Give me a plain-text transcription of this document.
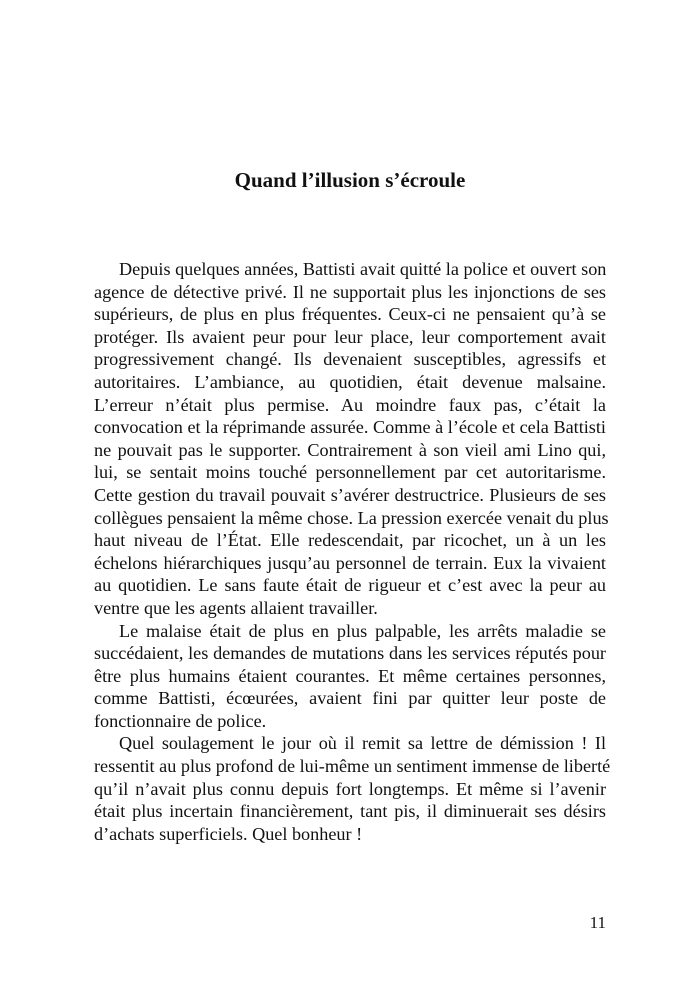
Quand l’illusion s’écroule
Depuis quelques années, Battisti avait quitté la police et ouvert son
agence de détective privé. Il ne supportait plus les injonctions de ses
supérieurs, de plus en plus fréquentes. Ceux-ci ne pensaient qu’à se
protéger. Ils avaient peur pour leur place, leur comportement avait
progressivement changé. Ils devenaient susceptibles, agressifs et
autoritaires. L’ambiance, au quotidien, était devenue malsaine.
L’erreur n’était plus permise. Au moindre faux pas, c’était la
convocation et la réprimande assurée. Comme à l’école et cela Battisti
ne pouvait pas le supporter. Contrairement à son vieil ami Lino qui,
lui, se sentait moins touché personnellement par cet autoritarisme.
Cette gestion du travail pouvait s’avérer destructrice. Plusieurs de ses
collègues pensaient la même chose. La pression exercée venait du plus
haut niveau de l’État. Elle redescendait, par ricochet, un à un les
échelons hiérarchiques jusqu’au personnel de terrain. Eux la vivaient
au quotidien. Le sans faute était de rigueur et c’est avec la peur au
ventre que les agents allaient travailler.
Le malaise était de plus en plus palpable, les arrêts maladie se
succédaient, les demandes de mutations dans les services réputés pour
être plus humains étaient courantes. Et même certaines personnes,
comme Battisti, écœurées, avaient fini par quitter leur poste de
fonctionnaire de police.
Quel soulagement le jour où il remit sa lettre de démission ! Il
ressentit au plus profond de lui-même un sentiment immense de liberté
qu’il n’avait plus connu depuis fort longtemps. Et même si l’avenir
était plus incertain financièrement, tant pis, il diminuerait ses désirs
d’achats superficiels. Quel bonheur !
11
